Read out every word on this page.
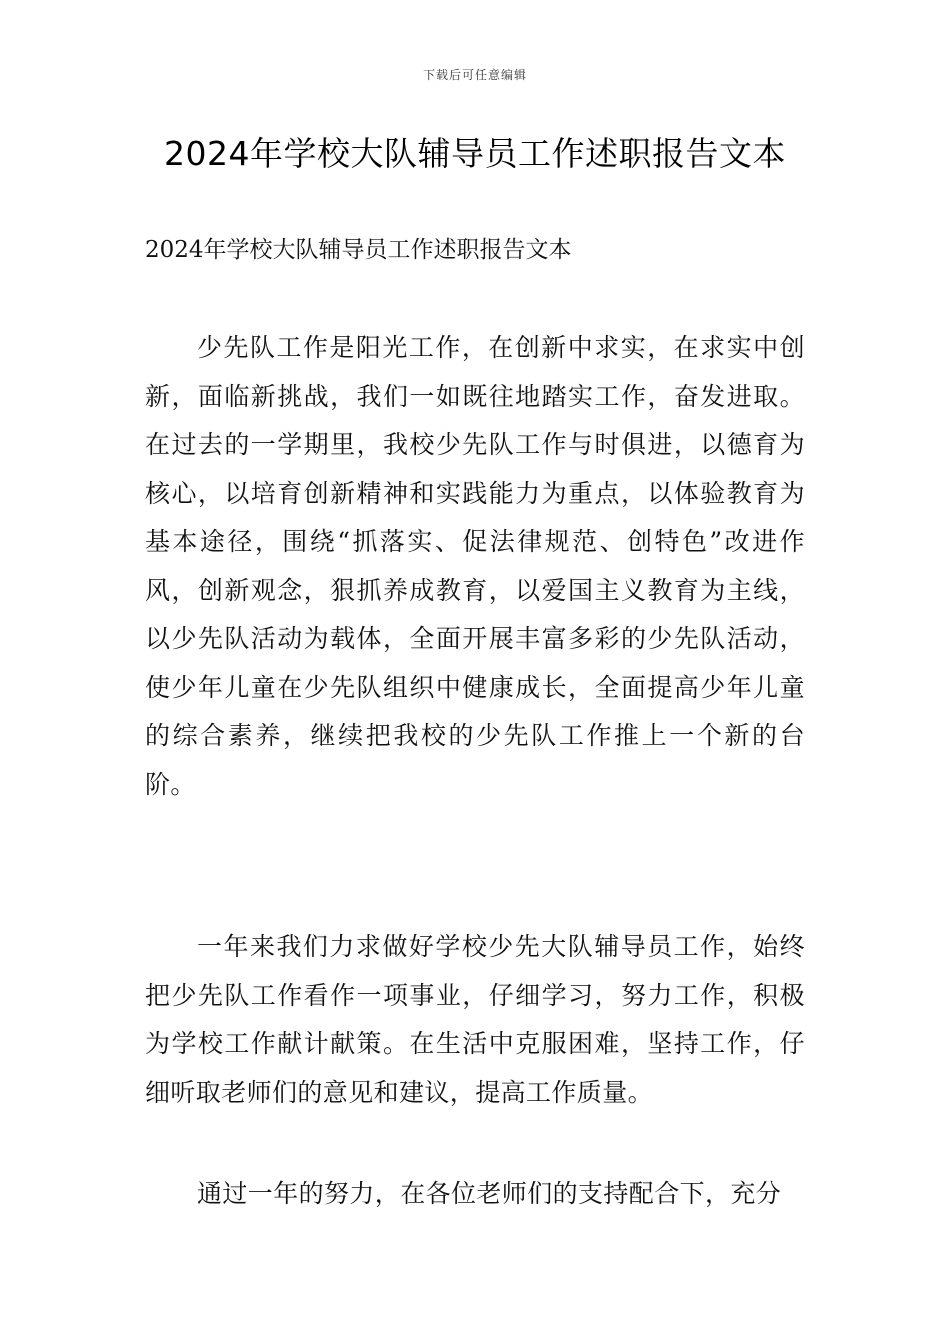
下载后可任意编辑
2024年学校大队辅导员工作述职报告文本

2024年学校大队辅导员工作述职报告文本

少先队工作是阳光工作，在创新中求实，在求实中创新，面临新挑战，我们一如既往地踏实工作，奋发进取。在过去的一学期里，我校少先队工作与时俱进，以德育为核心，以培育创新精神和实践能力为重点，以体验教育为基本途径，围绕“抓落实、促法律规范、创特色”改进作风，创新观念，狠抓养成教育，以爱国主义教育为主线，以少先队活动为载体，全面开展丰富多彩的少先队活动，使少年儿童在少先队组织中健康成长，全面提高少年儿童的综合素养，继续把我校的少先队工作推上一个新的台阶。

一年来我们力求做好学校少先大队辅导员工作，始终把少先队工作看作一项事业，仔细学习，努力工作，积极为学校工作献计献策。在生活中克服困难，坚持工作，仔细听取老师们的意见和建议，提高工作质量。

通过一年的努力，在各位老师们的支持配合下，充分
